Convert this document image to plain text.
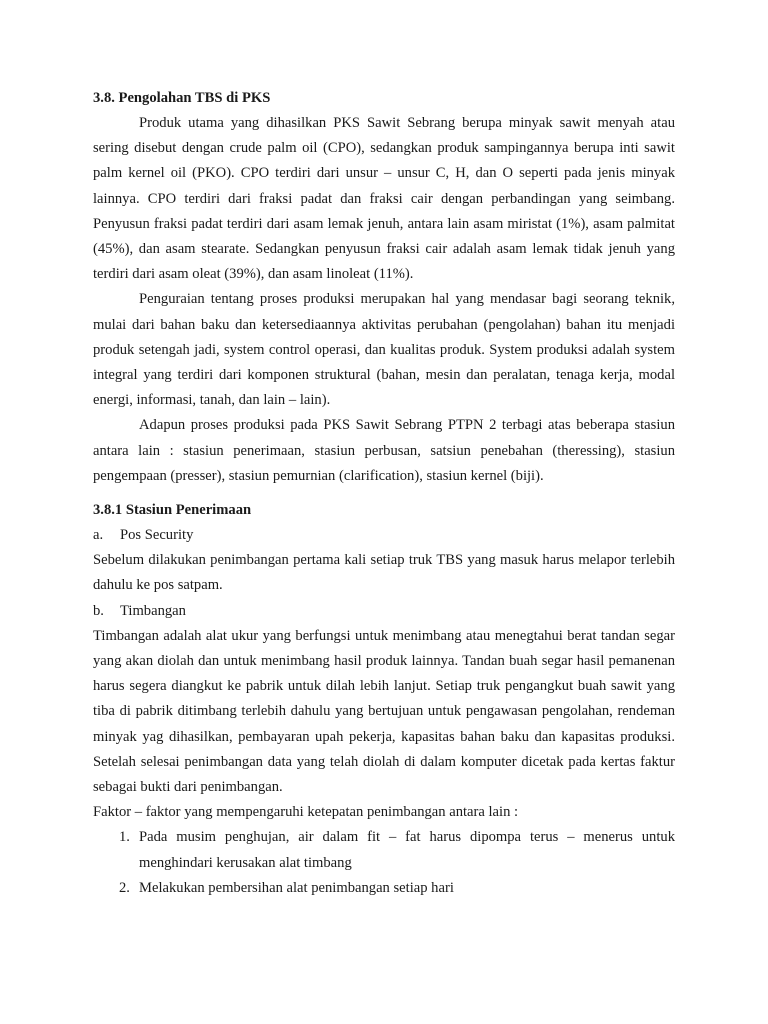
3.8. Pengolahan TBS di PKS

Produk utama yang dihasilkan PKS Sawit Sebrang berupa minyak sawit menyah atau sering disebut dengan crude palm oil (CPO), sedangkan produk sampingannya berupa inti sawit palm kernel oil (PKO). CPO terdiri dari unsur – unsur C, H, dan O seperti pada jenis minyak lainnya. CPO terdiri dari fraksi padat dan fraksi cair dengan perbandingan yang seimbang. Penyusun fraksi padat terdiri dari asam lemak jenuh, antara lain asam miristat (1%), asam palmitat (45%), dan asam stearate. Sedangkan penyusun fraksi cair adalah asam lemak tidak jenuh yang terdiri dari asam oleat (39%), dan asam linoleat (11%).

Penguraian tentang proses produksi merupakan hal yang mendasar bagi seorang teknik, mulai dari bahan baku dan ketersediaannya aktivitas perubahan (pengolahan) bahan itu menjadi produk setengah jadi, system control operasi, dan kualitas produk. System produksi adalah system integral yang terdiri dari komponen struktural (bahan, mesin dan peralatan, tenaga kerja, modal energi, informasi, tanah, dan lain – lain).

Adapun proses produksi pada PKS Sawit Sebrang PTPN 2 terbagi atas beberapa stasiun antara lain : stasiun penerimaan, stasiun perbusan, satsiun penebahan (theressing), stasiun pengempaan (presser), stasiun pemurnian (clarification), stasiun kernel (biji).

3.8.1 Stasiun Penerimaan
a.	Pos Security

Sebelum dilakukan penimbangan pertama kali setiap truk TBS yang masuk harus melapor terlebih dahulu ke pos satpam.

b.	Timbangan

Timbangan adalah alat ukur yang berfungsi untuk menimbang atau menegtahui berat tandan segar yang akan diolah dan untuk menimbang hasil produk lainnya. Tandan buah segar hasil pemanenan harus segera diangkut ke pabrik untuk dilah lebih lanjut. Setiap truk pengangkut buah sawit yang tiba di pabrik ditimbang terlebih dahulu yang bertujuan untuk pengawasan pengolahan, rendeman minyak yag dihasilkan, pembayaran upah pekerja, kapasitas bahan baku dan kapasitas produksi. Setelah selesai penimbangan data yang telah diolah di dalam komputer dicetak pada kertas faktur sebagai bukti dari penimbangan.

Faktor – faktor yang mempengaruhi ketepatan penimbangan antara lain :

1. Pada musim penghujan, air dalam fit – fat harus dipompa terus – menerus untuk menghindari kerusakan alat timbang
2. Melakukan pembersihan alat penimbangan setiap hari
